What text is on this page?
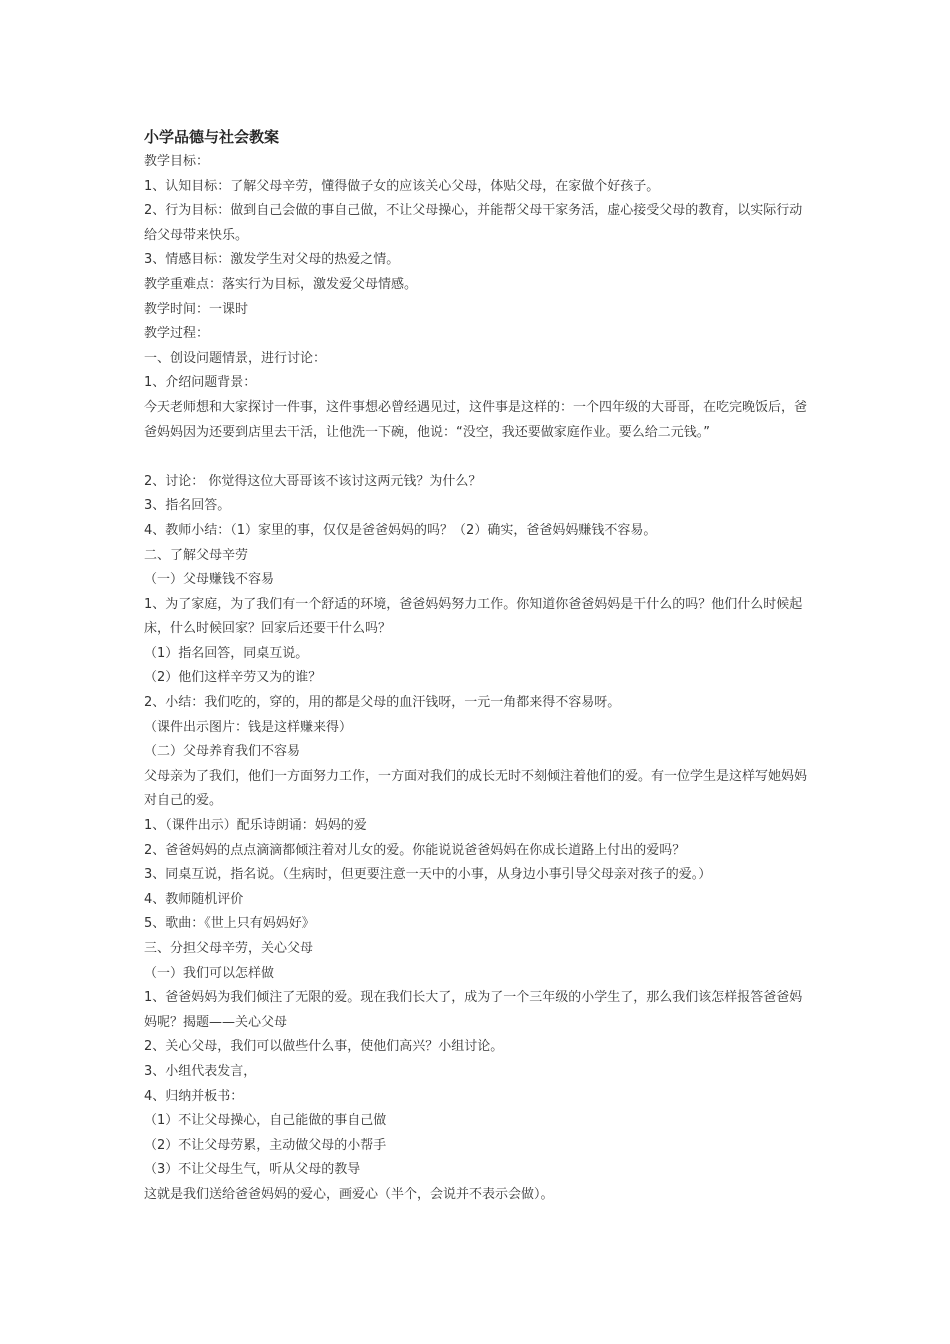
小学品德与社会教案
教学目标：
1、认知目标：了解父母辛劳，懂得做子女的应该关心父母，体贴父母，在家做个好孩子。
2、行为目标：做到自己会做的事自己做，不让父母操心，并能帮父母干家务活，虚心接受父母的教育，以实际行动给父母带来快乐。
3、情感目标：激发学生对父母的热爱之情。
教学重难点：落实行为目标，激发爱父母情感。
教学时间：一课时
教学过程：
一、创设问题情景，进行讨论：
1、介绍问题背景：
今天老师想和大家探讨一件事，这件事想必曾经遇见过，这件事是这样的：一个四年级的大哥哥，在吃完晚饭后，爸爸妈妈因为还要到店里去干活，让他洗一下碗，他说：“没空，我还要做家庭作业。要么给二元钱。”
2、讨论： 你觉得这位大哥哥该不该讨这两元钱？为什么？
3、指名回答。
4、教师小结：（1）家里的事，仅仅是爸爸妈妈的吗？（2）确实，爸爸妈妈赚钱不容易。
二、了解父母辛劳
（一）父母赚钱不容易
1、为了家庭，为了我们有一个舒适的环境，爸爸妈妈努力工作。你知道你爸爸妈妈是干什么的吗？他们什么时候起床，什么时候回家？回家后还要干什么吗？
（1）指名回答，同桌互说。
（2）他们这样辛劳又为的谁？
2、小结：我们吃的，穿的，用的都是父母的血汗钱呀，一元一角都来得不容易呀。
（课件出示图片：钱是这样赚来得）
（二）父母养育我们不容易
父母亲为了我们，他们一方面努力工作，一方面对我们的成长无时不刻倾注着他们的爱。有一位学生是这样写她妈妈对自己的爱。
1、（课件出示）配乐诗朗诵：妈妈的爱
2、爸爸妈妈的点点滴滴都倾注着对儿女的爱。你能说说爸爸妈妈在你成长道路上付出的爱吗？
3、同桌互说，指名说。（生病时，但更要注意一天中的小事，从身边小事引导父母亲对孩子的爱。）
4、教师随机评价
5、歌曲：《世上只有妈妈好》
三、分担父母辛劳，关心父母
（一）我们可以怎样做
1、爸爸妈妈为我们倾注了无限的爱。现在我们长大了，成为了一个三年级的小学生了，那么我们该怎样报答爸爸妈妈呢？揭题——关心父母
2、关心父母，我们可以做些什么事，使他们高兴？小组讨论。
3、小组代表发言，
4、归纳并板书：
（1）不让父母操心，自己能做的事自己做
（2）不让父母劳累，主动做父母的小帮手
（3）不让父母生气，听从父母的教导
这就是我们送给爸爸妈妈的爱心，画爱心（半个，会说并不表示会做）。
